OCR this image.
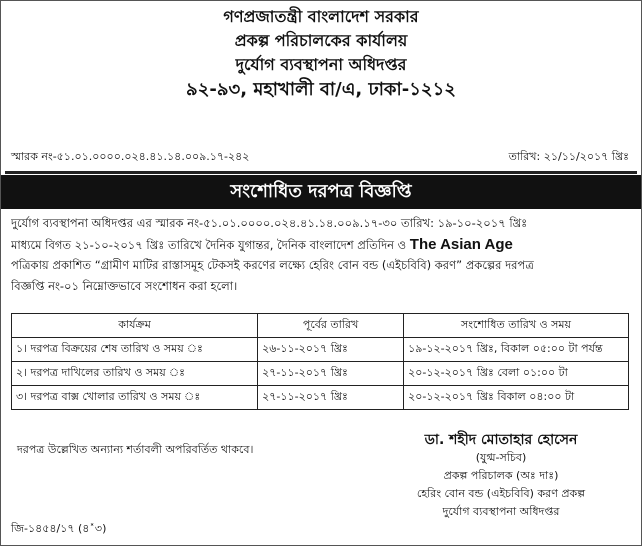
গণপ্রজাতন্ত্রী বাংলাদেশ সরকার
প্রকল্প পরিচালকের কার্যালয়
দুর্যোগ ব্যবস্থাপনা অধিদপ্তর
৯২-৯৩, মহাখালী বা/এ, ঢাকা-১২১২
স্মারক নং-৫১.০১.০০০০.০২৪.৪১.১৪.০০৯.১৭-২৪২	তারিখ: ২১/১১/২০১৭ খ্রিঃ
সংশোধিত দরপত্র বিজ্ঞপ্তি
দুর্যোগ ব্যবস্থাপনা অধিদপ্তর এর স্মারক নং-৫১.০১.০০০০.০২৪.৪১.১৪.০০৯.১৭-৩০ তারিখ: ১৯-১০-২০১৭ খ্রিঃ
মাধ্যমে বিগত ২১-১০-২০১৭ খ্রিঃ তারিখে দৈনিক যুগান্তর, দৈনিক বাংলাদেশ প্রতিদিন ও The Asian Age
পত্রিকায় প্রকাশিত “গ্রামীণ মাটির রাস্তাসমূহ টেকসই করণের লক্ষ্যে হেরিং বোন বন্ড (এইচবিবি) করণ” প্রকল্পের দরপত্র
বিজ্ঞপ্তি নং-০১ নিম্নোক্তভাবে সংশোধন করা হলো।
কার্যক্রম	পূর্বের তারিখ	সংশোধিত তারিখ ও সময়
১। দরপত্র বিক্রয়ের শেষ তারিখ ও সময় ঃ	২৬-১১-২০১৭ খ্রিঃ	১৯-১২-২০১৭ খ্রিঃ, বিকাল ০৫:০০ টা পর্যন্ত
২। দরপত্র দাখিলের তারিখ ও সময় ঃ	২৭-১১-২০১৭ খ্রিঃ	২০-১২-২০১৭ খ্রিঃ বেলা ০১:০০ টা
৩। দরপত্র বাক্স খোলার তারিখ ও সময় ঃ	২৭-১১-২০১৭ খ্রিঃ	২০-১২-২০১৭ খ্রিঃ বিকাল ০৪:০০ টা
দরপত্র উল্লেখিত অন্যান্য শর্তাবলী অপরিবর্তিত থাকবে।
ডা. শহীদ মোতাহার হোসেন
(যুগ্ম-সচিব)
প্রকল্প পরিচালক (অঃ দাঃ)
হেরিং বোন বন্ড (এইচবিবি) করণ প্রকল্প
দুর্যোগ ব্যবস্থাপনা অধিদপ্তর
জি-১৪৫৪/১৭ (৪˟৩)
